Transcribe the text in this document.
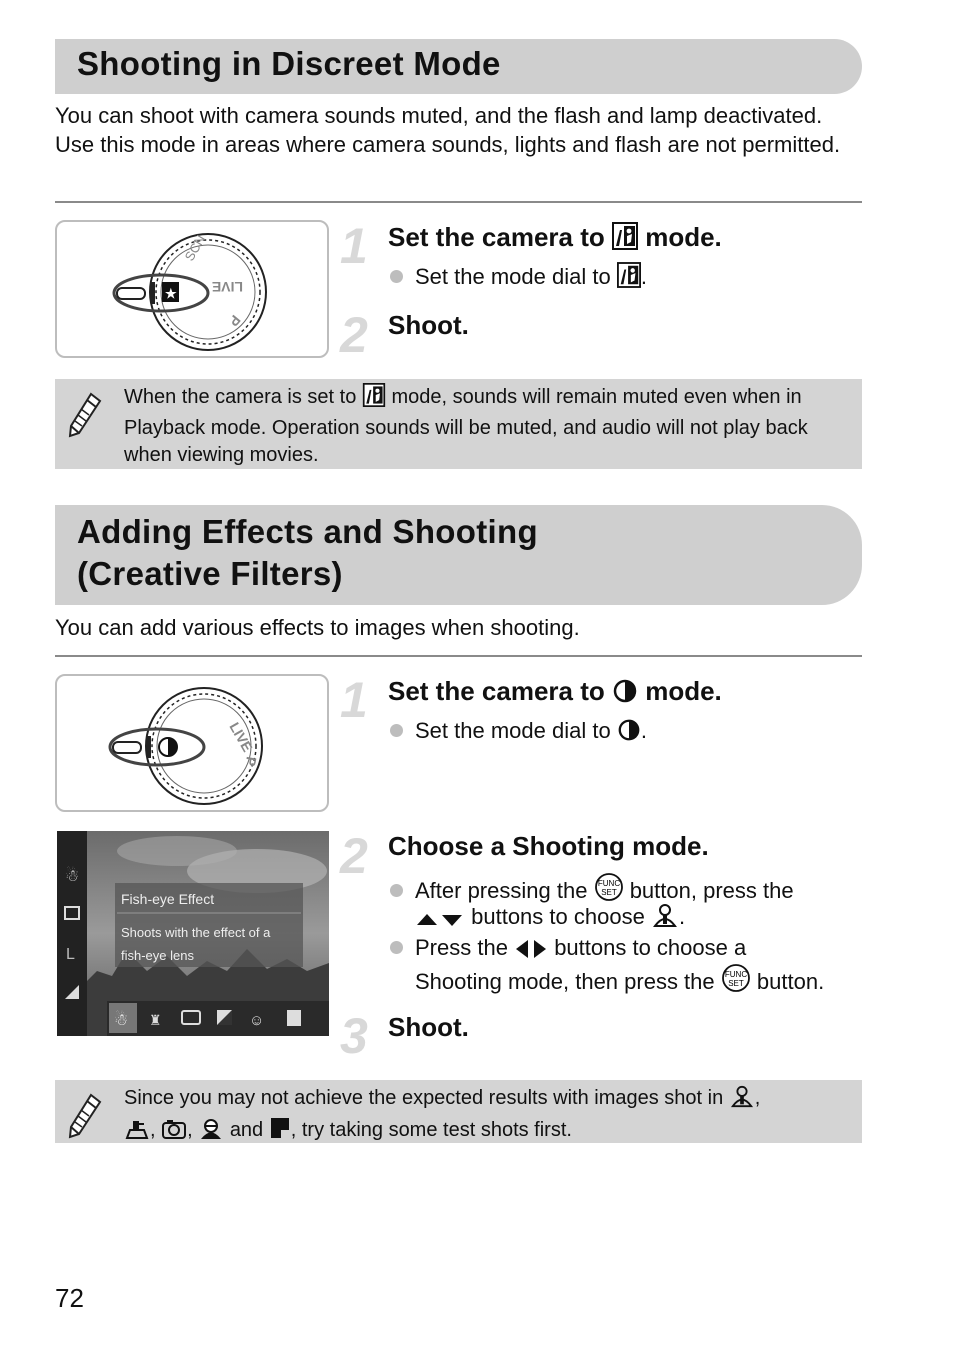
Shooting in Discreet Mode
You can shoot with camera sounds muted, and the flash and lamp deactivated. Use this mode in areas where camera sounds, lights and flash are not permitted.
SCN
LIVE
P
★
1 Set the camera to mode.
Set the mode dial to .
2 Shoot.
When the camera is set to mode, sounds will remain muted even when in Playback mode. Operation sounds will be muted, and audio will not play back when viewing movies.
Adding Effects and Shooting
(Creative Filters)
You can add various effects to images when shooting.
LIVE
P
1 Set the camera to mode.
Set the mode dial to .
☃
L
Fish-eye Effect
Shoots with the effect of a
fish-eye lens
☃ ♜	☺
2 Choose a Shooting mode.
After pressing the FUNC
SET button, press the
buttons to choose .
Press the buttons to choose a
Shooting mode, then press the FUNC
SET button.
3 Shoot.
Since you may not achieve the expected results with images shot in ,
, , and , try taking some test shots first.
72
